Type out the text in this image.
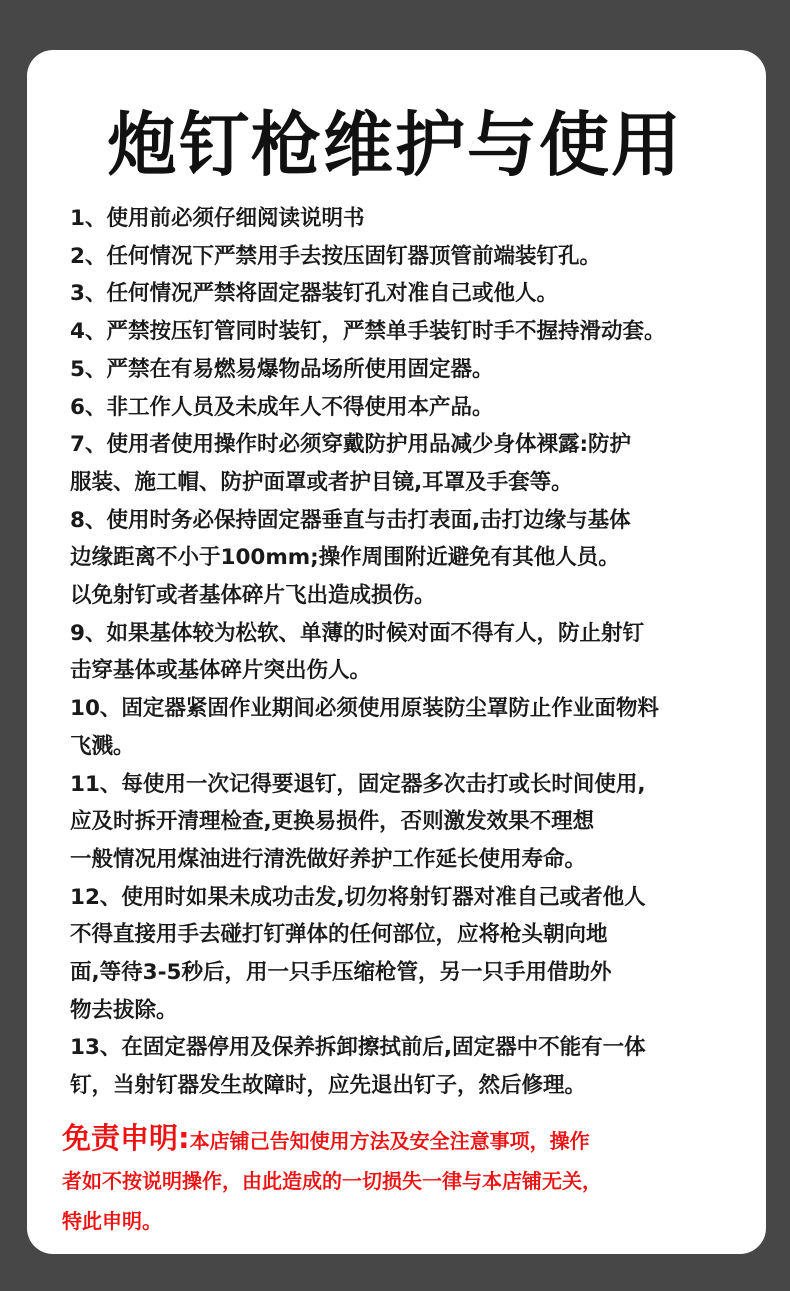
炮钉枪维护与使用
1、使用前必须仔细阅读说明书
2、任何情况下严禁用手去按压固钉器顶管前端装钉孔。
3、任何情况严禁将固定器装钉孔对准自己或他人。
4、严禁按压钉管同时装钉，严禁单手装钉时手不握持滑动套。
5、严禁在有易燃易爆物品场所使用固定器。
6、非工作人员及未成年人不得使用本产品。
7、使用者使用操作时必须穿戴防护用品减少身体裸露:防护
服装、施工帽、防护面罩或者护目镜,耳罩及手套等。
8、使用时务必保持固定器垂直与击打表面,击打边缘与基体
边缘距离不小于100mm;操作周围附近避免有其他人员。
以免射钉或者基体碎片飞出造成损伤。
9、如果基体较为松软、单薄的时候对面不得有人，防止射钉
击穿基体或基体碎片突出伤人。
10、固定器紧固作业期间必须使用原装防尘罩防止作业面物料
飞溅。
11、每使用一次记得要退钉，固定器多次击打或长时间使用,
应及时拆开清理检查,更换易损件，否则激发效果不理想
一般情况用煤油进行清洗做好养护工作延长使用寿命。
12、使用时如果未成功击发,切勿将射钉器对准自己或者他人
不得直接用手去碰打钉弹体的任何部位，应将枪头朝向地
面,等待3-5秒后，用一只手压缩枪管，另一只手用借助外
物去拔除。
13、在固定器停用及保养拆卸擦拭前后,固定器中不能有一体
钉，当射钉器发生故障时，应先退出钉子，然后修理。
免责申明:本店铺己告知使用方法及安全注意事项，操作
者如不按说明操作，由此造成的一切损失一律与本店铺无关，
特此申明。
